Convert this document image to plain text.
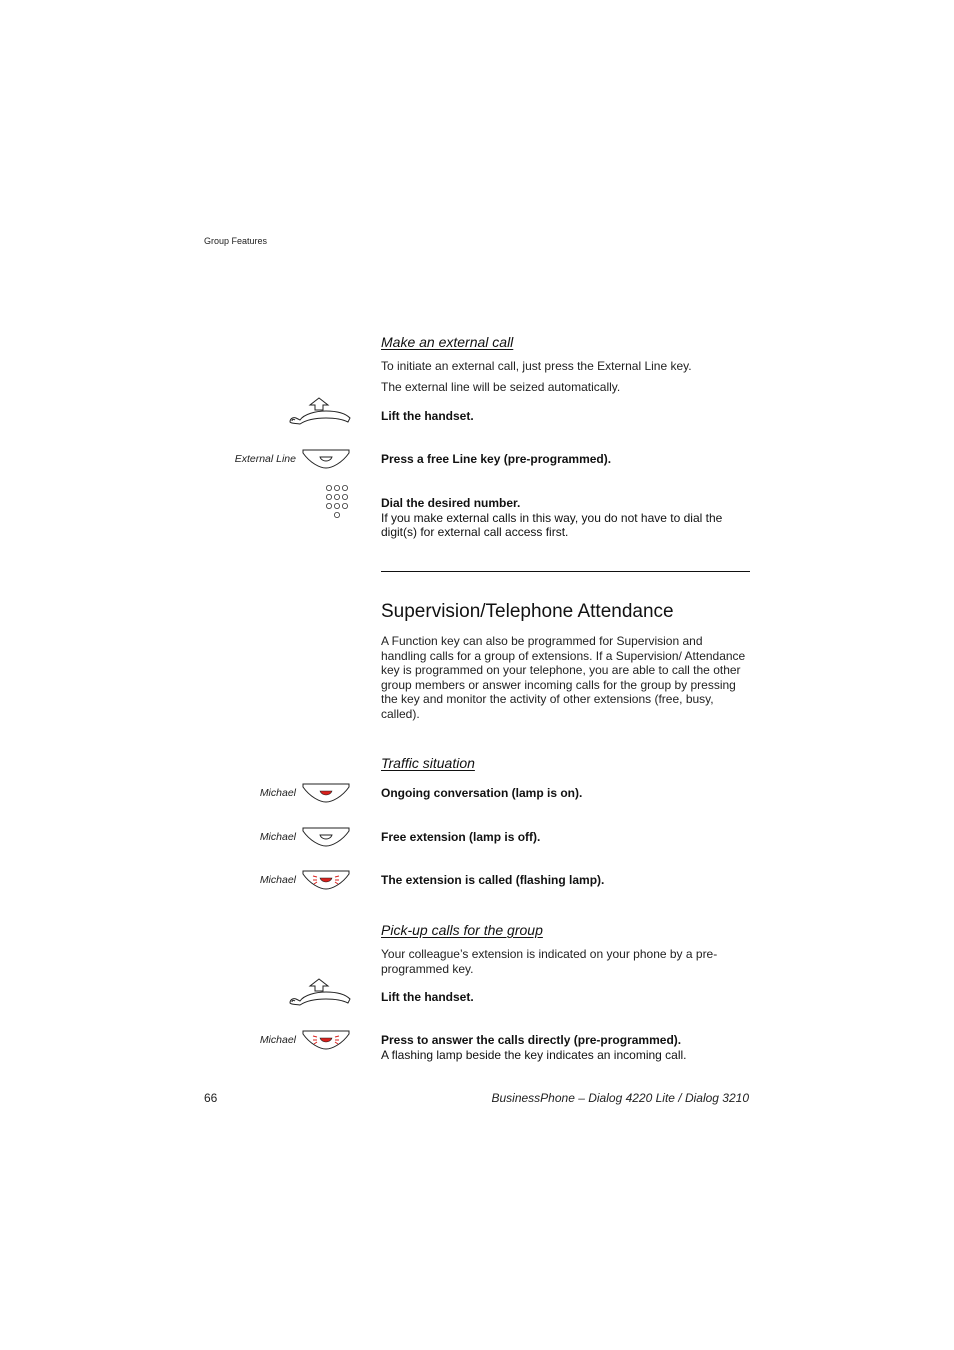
Group Features
Make an external call
To initiate an external call, just press the External Line key.
The external line will be seized automatically.
Lift the handset.
External Line	Press a free Line key (pre-programmed).
Dial the desired number.
If you make external calls in this way, you do not have to dial the digit(s) for external call access first.
Supervision/Telephone Attendance
A Function key can also be programmed for Supervision and handling calls for a group of extensions. If a Supervision/ Attendance key is programmed on your telephone, you are able to call the other group members or answer incoming calls for the group by pressing the key and monitor the activity of other extensions (free, busy, called).
Traffic situation
Michael	Ongoing conversation (lamp is on).
Michael	Free extension (lamp is off).
Michael	The extension is called (flashing lamp).
Pick-up calls for the group
Your colleague’s extension is indicated on your phone by a pre-programmed key.
Lift the handset.
Michael	Press to answer the calls directly (pre-programmed).
A flashing lamp beside the key indicates an incoming call.
66	BusinessPhone – Dialog 4220 Lite / Dialog 3210
